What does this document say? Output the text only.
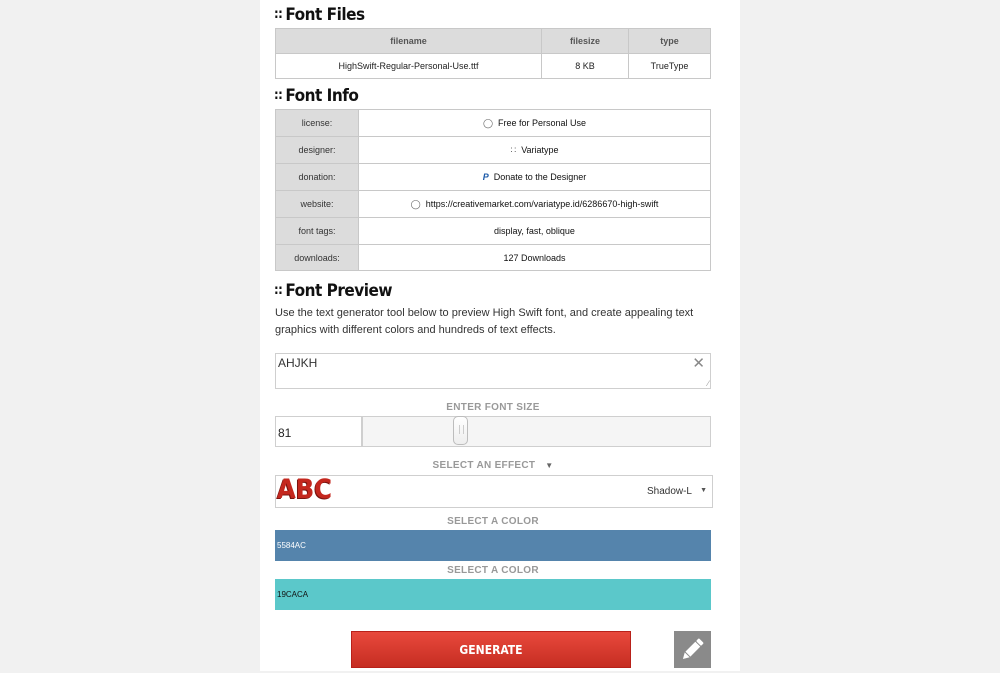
:: Font Files
filename	filesize	type
HighSwift-Regular-Personal-Use.ttf	8 KB	TrueType
:: Font Info
license:	◯ Free for Personal Use
designer:	∷ Variatype
donation:	P Donate to the Designer
website:	◯ https://creativemarket.com/variatype.id/6286670-high-swift
font tags:	display, fast, oblique
downloads:	127 Downloads
:: Font Preview
Use the text generator tool below to preview High Swift font, and create appealing text graphics with different colors and hundreds of text effects.
AHJKH	✕
∕
ENTER FONT SIZE
81
SELECT AN EFFECT ▼
ABC	Shadow-L ▼
SELECT A COLOR
5584AC
SELECT A COLOR
19CACA
GENERATE
